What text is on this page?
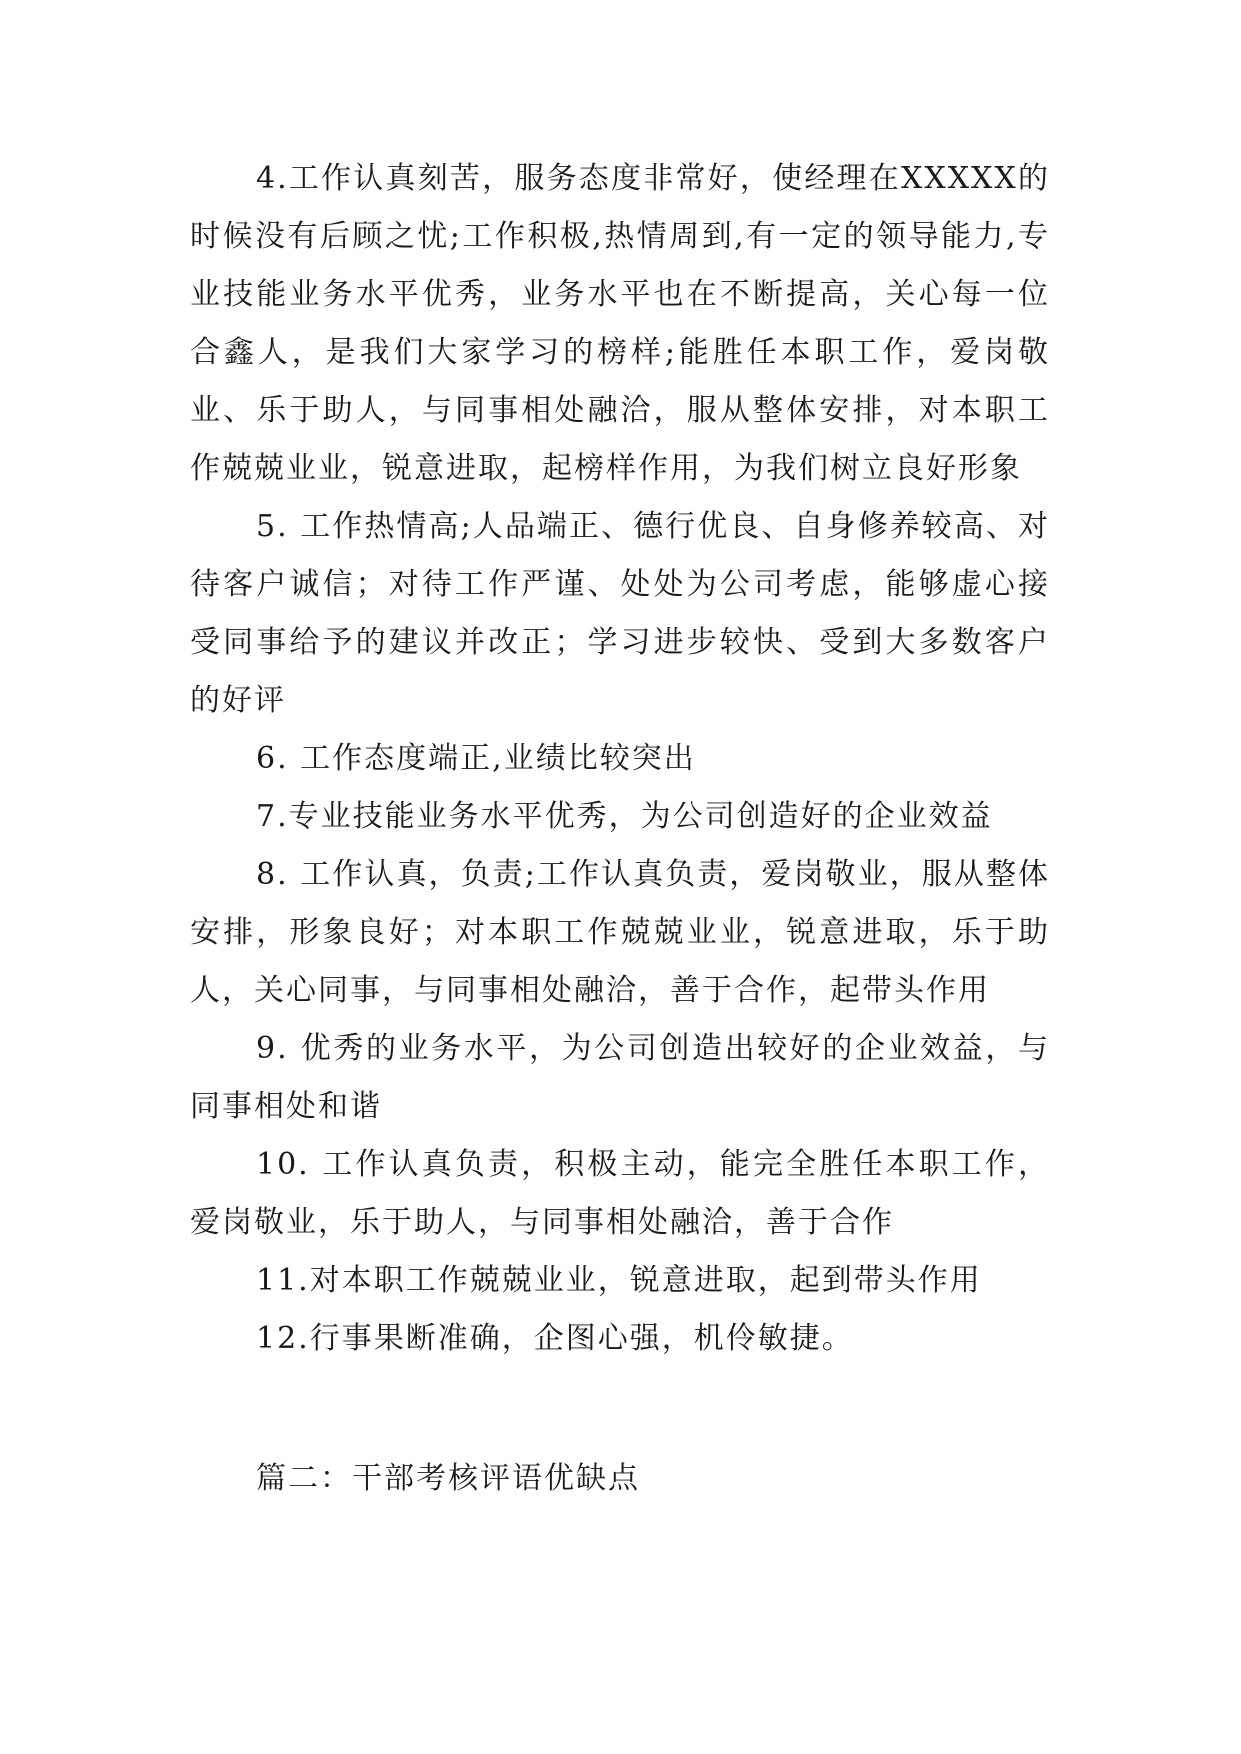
4.工作认真刻苦，服务态度非常好，使经理在XXXXX的时候没有后顾之忧;工作积极,热情周到,有一定的领导能力,专业技能业务水平优秀，业务水平也在不断提高，关心每一位合鑫人，是我们大家学习的榜样;能胜任本职工作，爱岗敬业、乐于助人，与同事相处融洽，服从整体安排，对本职工作兢兢业业，锐意进取，起榜样作用，为我们树立良好形象

5. 工作热情高;人品端正、德行优良、自身修养较高、对待客户诚信；对待工作严谨、处处为公司考虑，能够虚心接受同事给予的建议并改正；学习进步较快、受到大多数客户的好评

6. 工作态度端正,业绩比较突出

7.专业技能业务水平优秀，为公司创造好的企业效益

8. 工作认真，负责;工作认真负责，爱岗敬业，服从整体安排，形象良好；对本职工作兢兢业业，锐意进取，乐于助人，关心同事，与同事相处融洽，善于合作，起带头作用

9. 优秀的业务水平，为公司创造出较好的企业效益，与同事相处和谐

10. 工作认真负责，积极主动，能完全胜任本职工作，爱岗敬业，乐于助人，与同事相处融洽，善于合作

11.对本职工作兢兢业业，锐意进取，起到带头作用

12.行事果断准确，企图心强，机伶敏捷。

篇二：干部考核评语优缺点
